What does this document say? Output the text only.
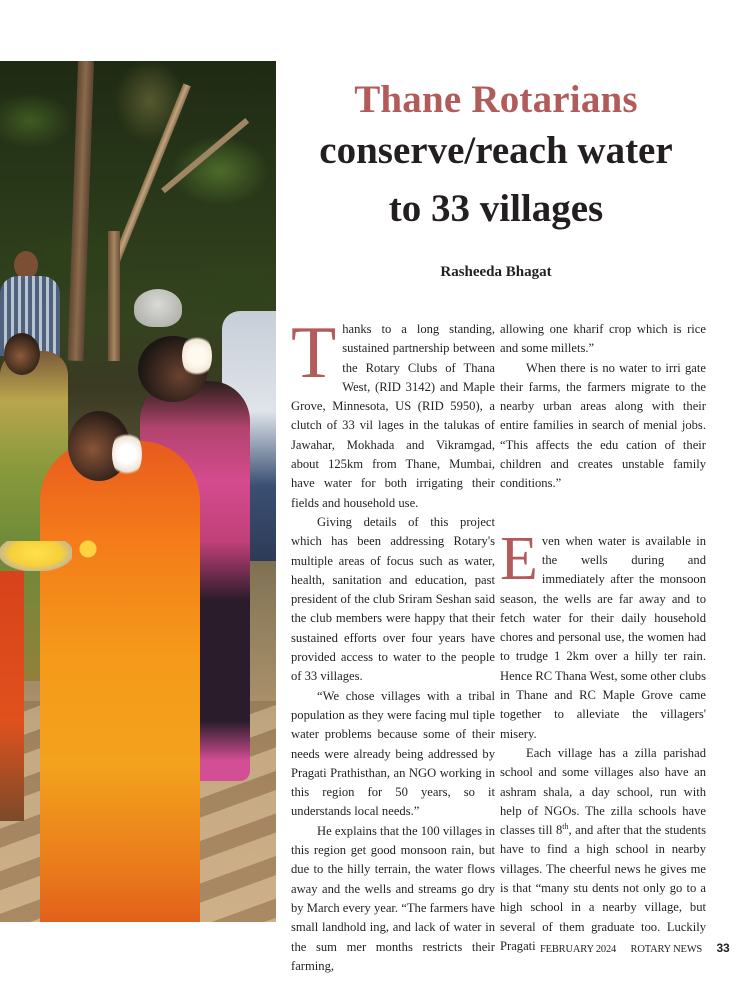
Thane Rotarians
conserve/reach water
to 33 villages
Rasheeda Bhagat

Thanks to a long standing, sustained partnership between the Rotary Clubs of Thana West, (RID 3142) and Maple Grove, Minnesota, US (RID 5950), a clutch of 33 vil lages in the talukas of Jawahar, Mokhada and Vikramgad, about 125km from Thane, Mumbai, have water for both irrigating their fields and household use.

Giving details of this project which has been addressing Rotary's multiple areas of focus such as water, health, sanitation and education, past president of the club Sriram Seshan said the club members were happy that their sustained efforts over four years have provided access to water to the people of 33 villages.

“We chose villages with a tribal population as they were facing mul tiple water problems because some of their needs were already being addressed by Pragati Prathisthan, an NGO working in this region for 50 years, so it understands local needs.”

He explains that the 100 villages in this region get good monsoon rain, but due to the hilly terrain, the water flows away and the wells and streams go dry by March every year. “The farmers have small landhold ing, and lack of water in the sum mer months restricts their farming,

allowing one kharif crop which is rice and some millets.”

When there is no water to irri gate their farms, the farmers migrate to the nearby urban areas along with their entire families in search of menial jobs. “This affects the edu cation of their children and creates unstable family conditions.”

Even when water is available in the wells during and immediately after the monsoon season, the wells are far away and to fetch water for their daily household chores and personal use, the women had to trudge 1 2km over a hilly ter rain. Hence RC Thana West, some other clubs in Thane and RC Maple Grove came together to alleviate the villagers' misery.

Each village has a zilla parishad school and some villages also have an ashram shala, a day school, run with help of NGOs. The zilla schools have classes till 8th, and after that the students have to find a high school in nearby villages. The cheerful news he gives me is that “many stu dents not only go to a high school in a nearby village, but several of them graduate too. Luckily Pragati FEBRUARY 2024 ROTARY NEWS 33
